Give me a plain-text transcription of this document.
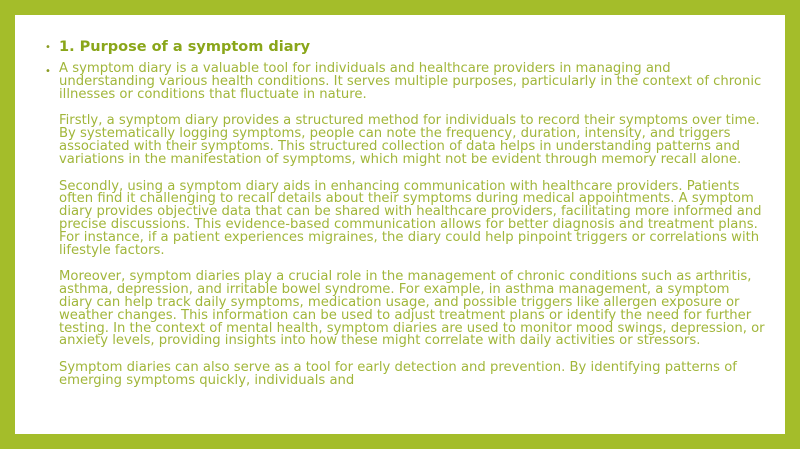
• 1. Purpose of a symptom diary
• A symptom diary is a valuable tool for individuals and healthcare providers in managing and understanding various health conditions. It serves multiple purposes, particularly in the context of chronic illnesses or conditions that fluctuate in nature.

Firstly, a symptom diary provides a structured method for individuals to record their symptoms over time. By systematically logging symptoms, people can note the frequency, duration, intensity, and triggers associated with their symptoms. This structured collection of data helps in understanding patterns and variations in the manifestation of symptoms, which might not be evident through memory recall alone.

Secondly, using a symptom diary aids in enhancing communication with healthcare providers. Patients often find it challenging to recall details about their symptoms during medical appointments. A symptom diary provides objective data that can be shared with healthcare providers, facilitating more informed and precise discussions. This evidence-based communication allows for better diagnosis and treatment plans. For instance, if a patient experiences migraines, the diary could help pinpoint triggers or correlations with lifestyle factors.

Moreover, symptom diaries play a crucial role in the management of chronic conditions such as arthritis, asthma, depression, and irritable bowel syndrome. For example, in asthma management, a symptom diary can help track daily symptoms, medication usage, and possible triggers like allergen exposure or weather changes. This information can be used to adjust treatment plans or identify the need for further testing. In the context of mental health, symptom diaries are used to monitor mood swings, depression, or anxiety levels, providing insights into how these might correlate with daily activities or stressors.

Symptom diaries can also serve as a tool for early detection and prevention. By identifying patterns of emerging symptoms quickly, individuals and
